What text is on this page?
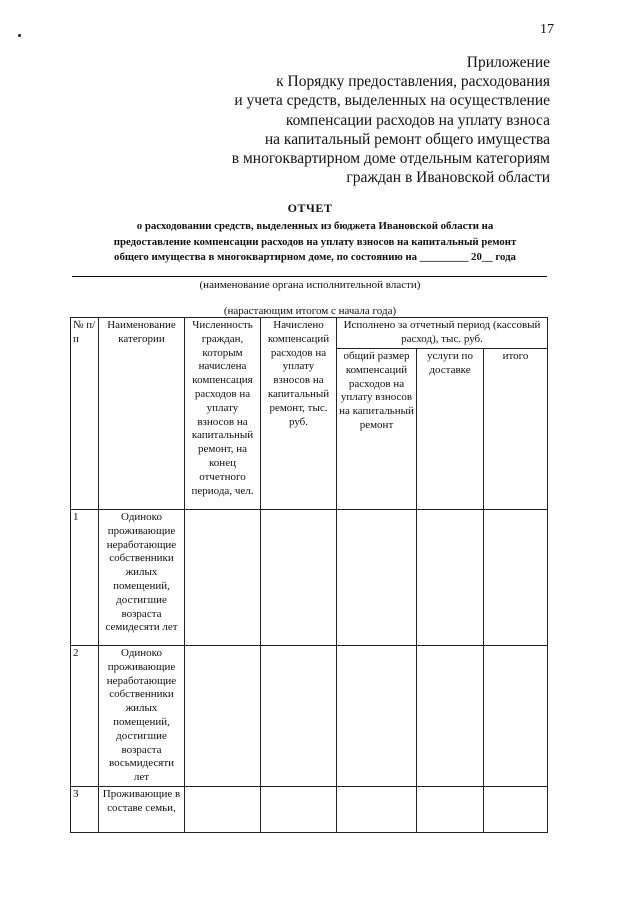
17
Приложение
к Порядку предоставления, расходования
и учета средств, выделенных на осуществление
компенсации расходов на уплату взноса
на капитальный ремонт общего имущества
в многоквартирном доме отдельным категориям
граждан в Ивановской области
ОТЧЕТ
о расходовании средств, выделенных из бюджета Ивановской области на
предоставление компенсации расходов на уплату взносов на капитальный ремонт
общего имущества в многоквартирном доме, по состоянию на _________ 20__ года
(наименование органа исполнительной власти)
(нарастающим итогом с начала года)
№ п/п	Наименование категории	Численность граждан, которым начислена компенсация расходов на уплату взносов на капитальный ремонт, на конец отчетного периода, чел.	Начислено компенсаций расходов на уплату взносов на капитальный ремонт, тыс. руб.	Исполнено за отчетный период (кассовый расход), тыс. руб.		
				общий размер компенсаций расходов на уплату взносов на капитальный ремонт	услуги по доставке	итого
1	Одиноко проживающие неработающие собственники жилых помещений, достигшие возраста семидесяти лет					
2	Одиноко проживающие неработающие собственники жилых помещений, достигшие возраста восьмидесяти лет					
3	Проживающие в составе семьи,					
